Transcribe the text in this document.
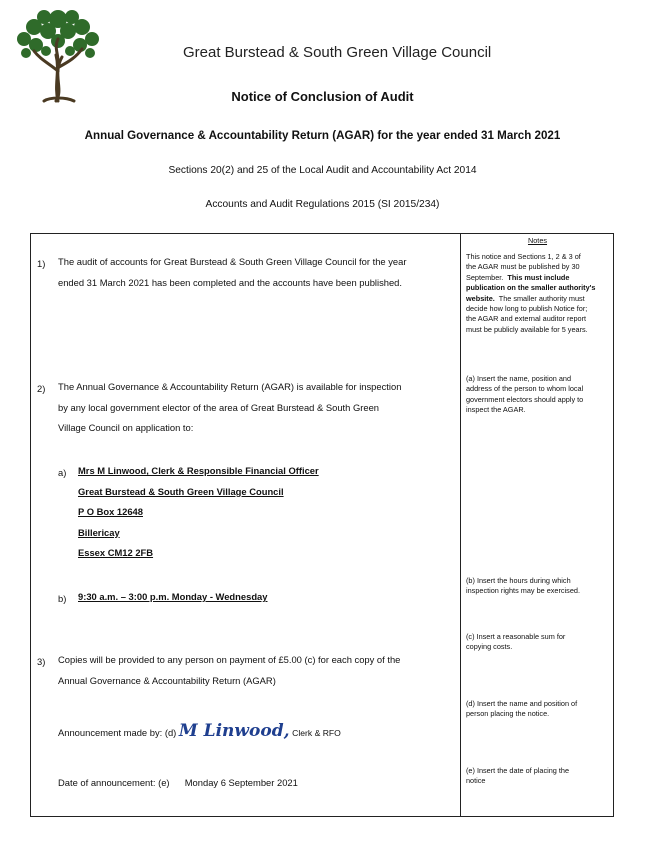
Great Burstead & South Green Village Council
Notice of Conclusion of Audit
Annual Governance & Accountability Return (AGAR) for the year ended 31 March 2021
Sections 20(2) and 25 of the Local Audit and Accountability Act 2014
Accounts and Audit Regulations 2015 (SI 2015/234)
Notes
This notice and Sections 1, 2 & 3 of
the AGAR must be published by 30
September. This must include
publication on the smaller authority's
website. The smaller authority must
decide how long to publish Notice for;
the AGAR and external auditor report
must be publicly available for 5 years.
(a) Insert the name, position and
address of the person to whom local
government electors should apply to
inspect the AGAR.
(b) Insert the hours during which
inspection rights may be exercised.
(c) Insert a reasonable sum for
copying costs.
(d) Insert the name and position of
person placing the notice.
(e) Insert the date of placing the
notice
1) The audit of accounts for Great Burstead & South Green Village Council for the year
ended 31 March 2021 has been completed and the accounts have been published.
2) The Annual Governance & Accountability Return (AGAR) is available for inspection
by any local government elector of the area of Great Burstead & South Green
Village Council on application to:
a) Mrs M Linwood, Clerk & Responsible Financial Officer
Great Burstead & South Green Village Council
P O Box 12648
Billericay
Essex CM12 2FB
b) 9:30 a.m. – 3:00 p.m. Monday - Wednesday
3) Copies will be provided to any person on payment of £5.00 (c) for each copy of the
Annual Governance & Accountability Return (AGAR)
Announcement made by: (d) M Linwood, Clerk & RFO
Date of announcement: (e) Monday 6 September 2021
